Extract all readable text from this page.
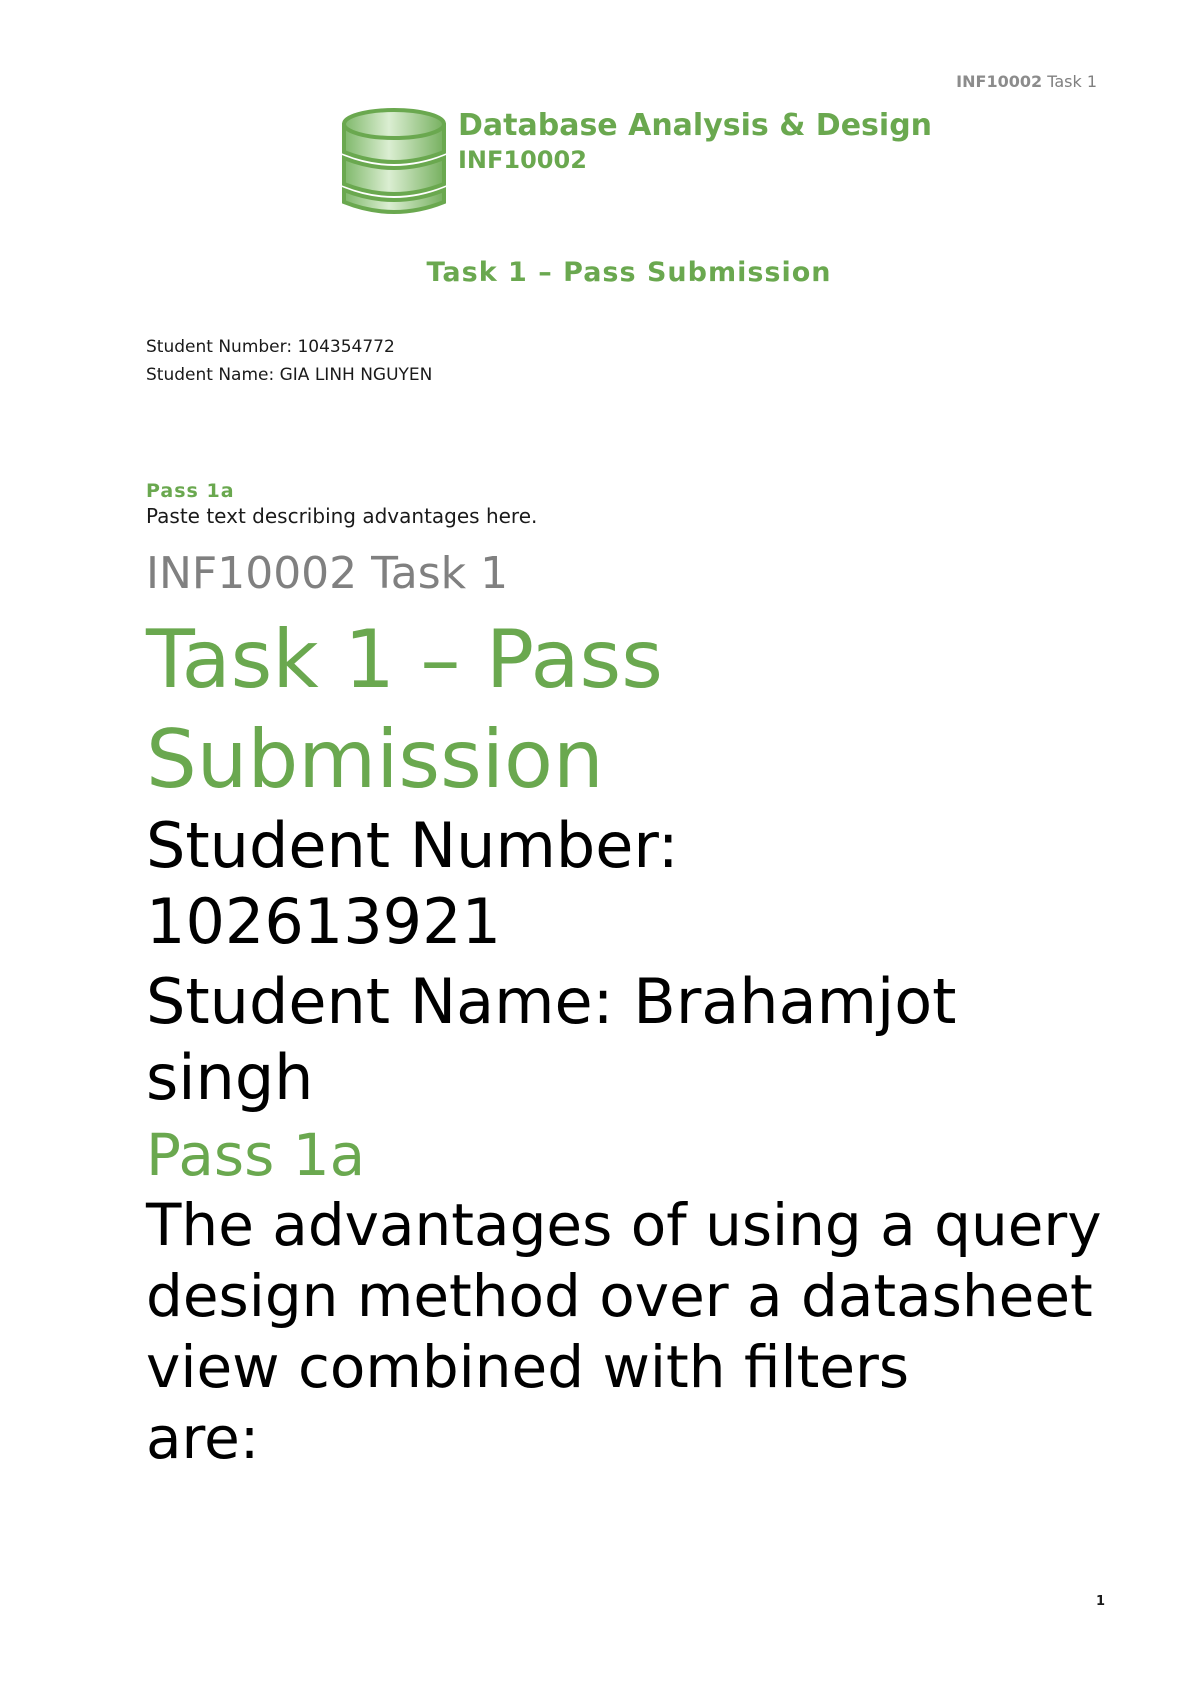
INF10002 Task 1
Database Analysis & Design
INF10002
Task 1 – Pass Submission
Student Number: 104354772
Student Name: GIA LINH NGUYEN
Pass 1a
Paste text describing advantages here.
INF10002 Task 1
Task 1 – Pass Submission
Student Number: 102613921
Student Name: Brahamjot singh
Pass 1a
The advantages of using a query design method over a datasheet view combined with filters
are:
1
